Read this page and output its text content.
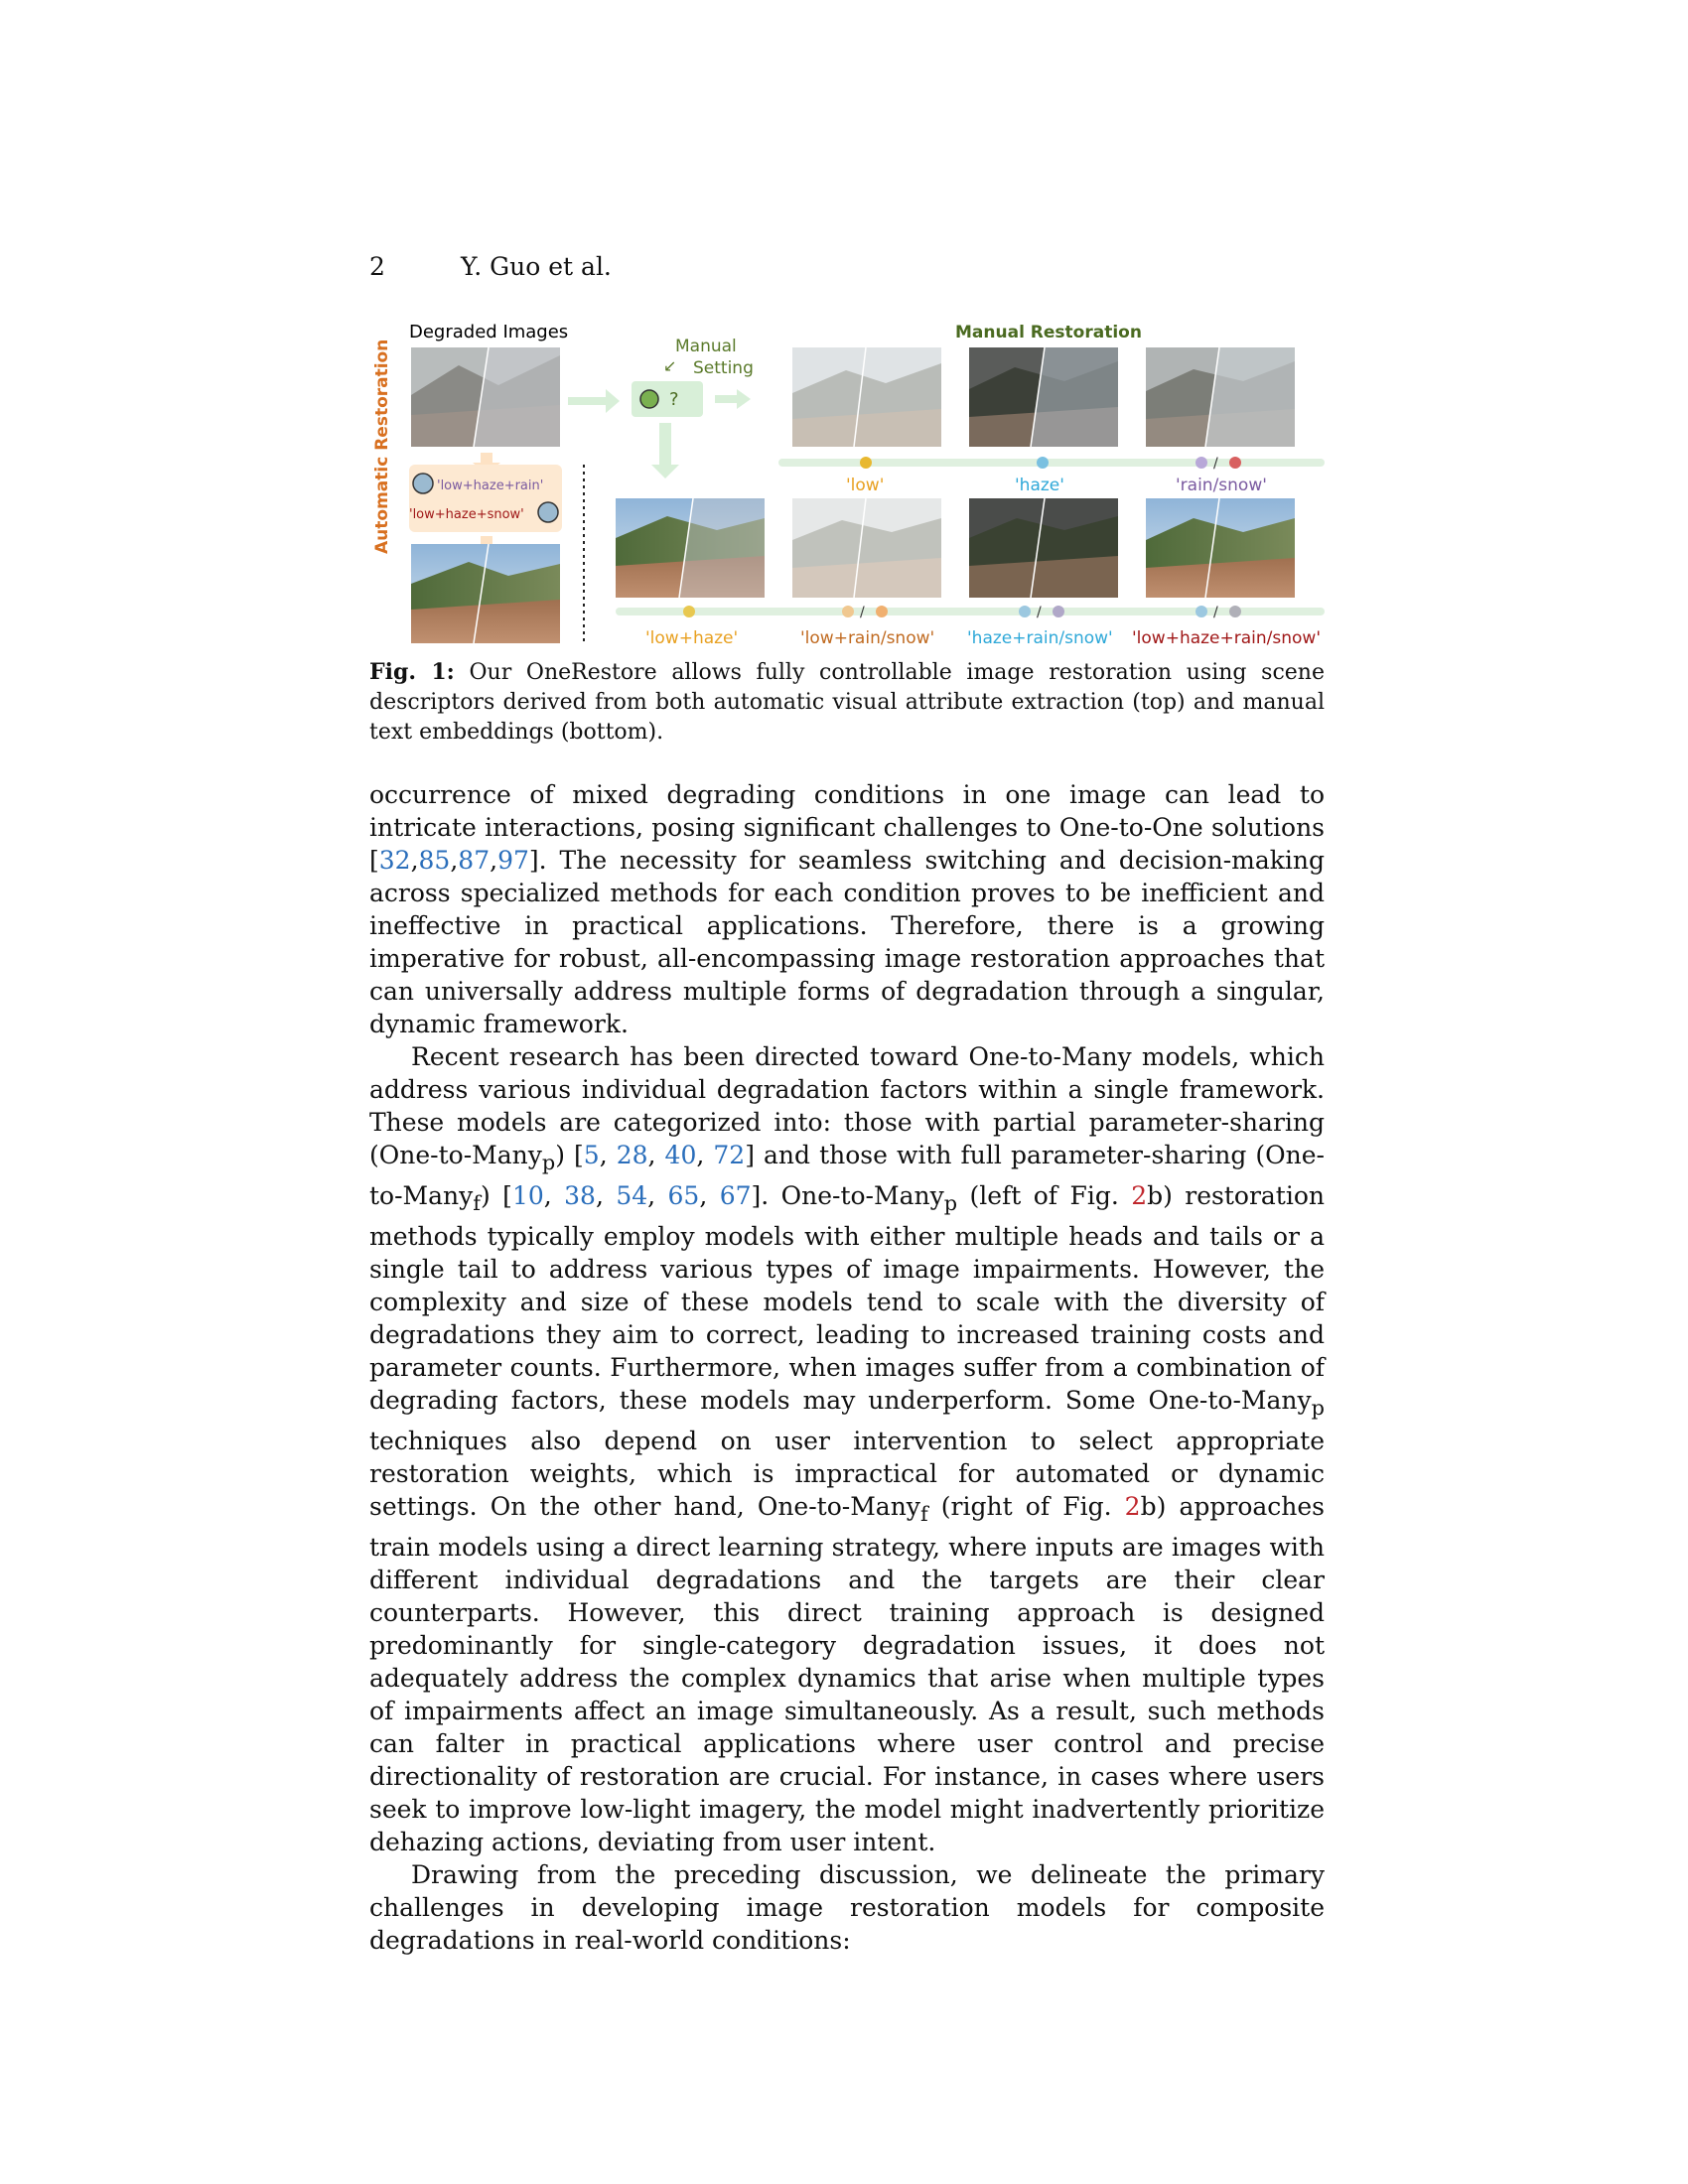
2	Y. Guo et al.
Automatic Restoration
Degraded Images
'low+haze+rain'
'low+haze+snow'
Manual
↙ Setting
?
Manual Restoration
/
/	/	/
'low'	'haze'	'rain/snow'
'low+haze'	'low+rain/snow' 'haze+rain/snow' 'low+haze+rain/snow'
Fig. 1: Our OneRestore allows fully controllable image restoration using scene descriptors derived from both automatic visual attribute extraction (top) and manual text embeddings (bottom).

occurrence of mixed degrading conditions in one image can lead to intricate interactions, posing significant challenges to One-to-One solutions [32,85,87,97]. The necessity for seamless switching and decision-making across specialized methods for each condition proves to be inefficient and ineffective in practical applications. Therefore, there is a growing imperative for robust, all-encompassing image restoration approaches that can universally address multiple forms of degradation through a singular, dynamic framework.

Recent research has been directed toward One-to-Many models, which address various individual degradation factors within a single framework. These models are categorized into: those with partial parameter-sharing (One-to-Many$_p$) [5, 28, 40, 72] and those with full parameter-sharing (One-to-Many$_f$) [10, 38, 54, 65, 67]. One-to-Many$_p$ (left of Fig. 2b) restoration methods typically employ models with either multiple heads and tails or a single tail to address various types of image impairments. However, the complexity and size of these models tend to scale with the diversity of degradations they aim to correct, leading to increased training costs and parameter counts. Furthermore, when images suffer from a combination of degrading factors, these models may underperform. Some One-to-Many$_p$ techniques also depend on user intervention to select appropriate restoration weights, which is impractical for automated or dynamic settings. On the other hand, One-to-Many$_f$ (right of Fig. 2b) approaches train models using a direct learning strategy, where inputs are images with different individual degradations and the targets are their clear counterparts. However, this direct training approach is designed predominantly for single-category degradation issues, it does not adequately address the complex dynamics that arise when multiple types of impairments affect an image simultaneously. As a result, such methods can falter in practical applications where user control and precise directionality of restoration are crucial. For instance, in cases where users seek to improve low-light imagery, the model might inadvertently prioritize dehazing actions, deviating from user intent.

Drawing from the preceding discussion, we delineate the primary challenges in developing image restoration models for composite degradations in real-world conditions:
